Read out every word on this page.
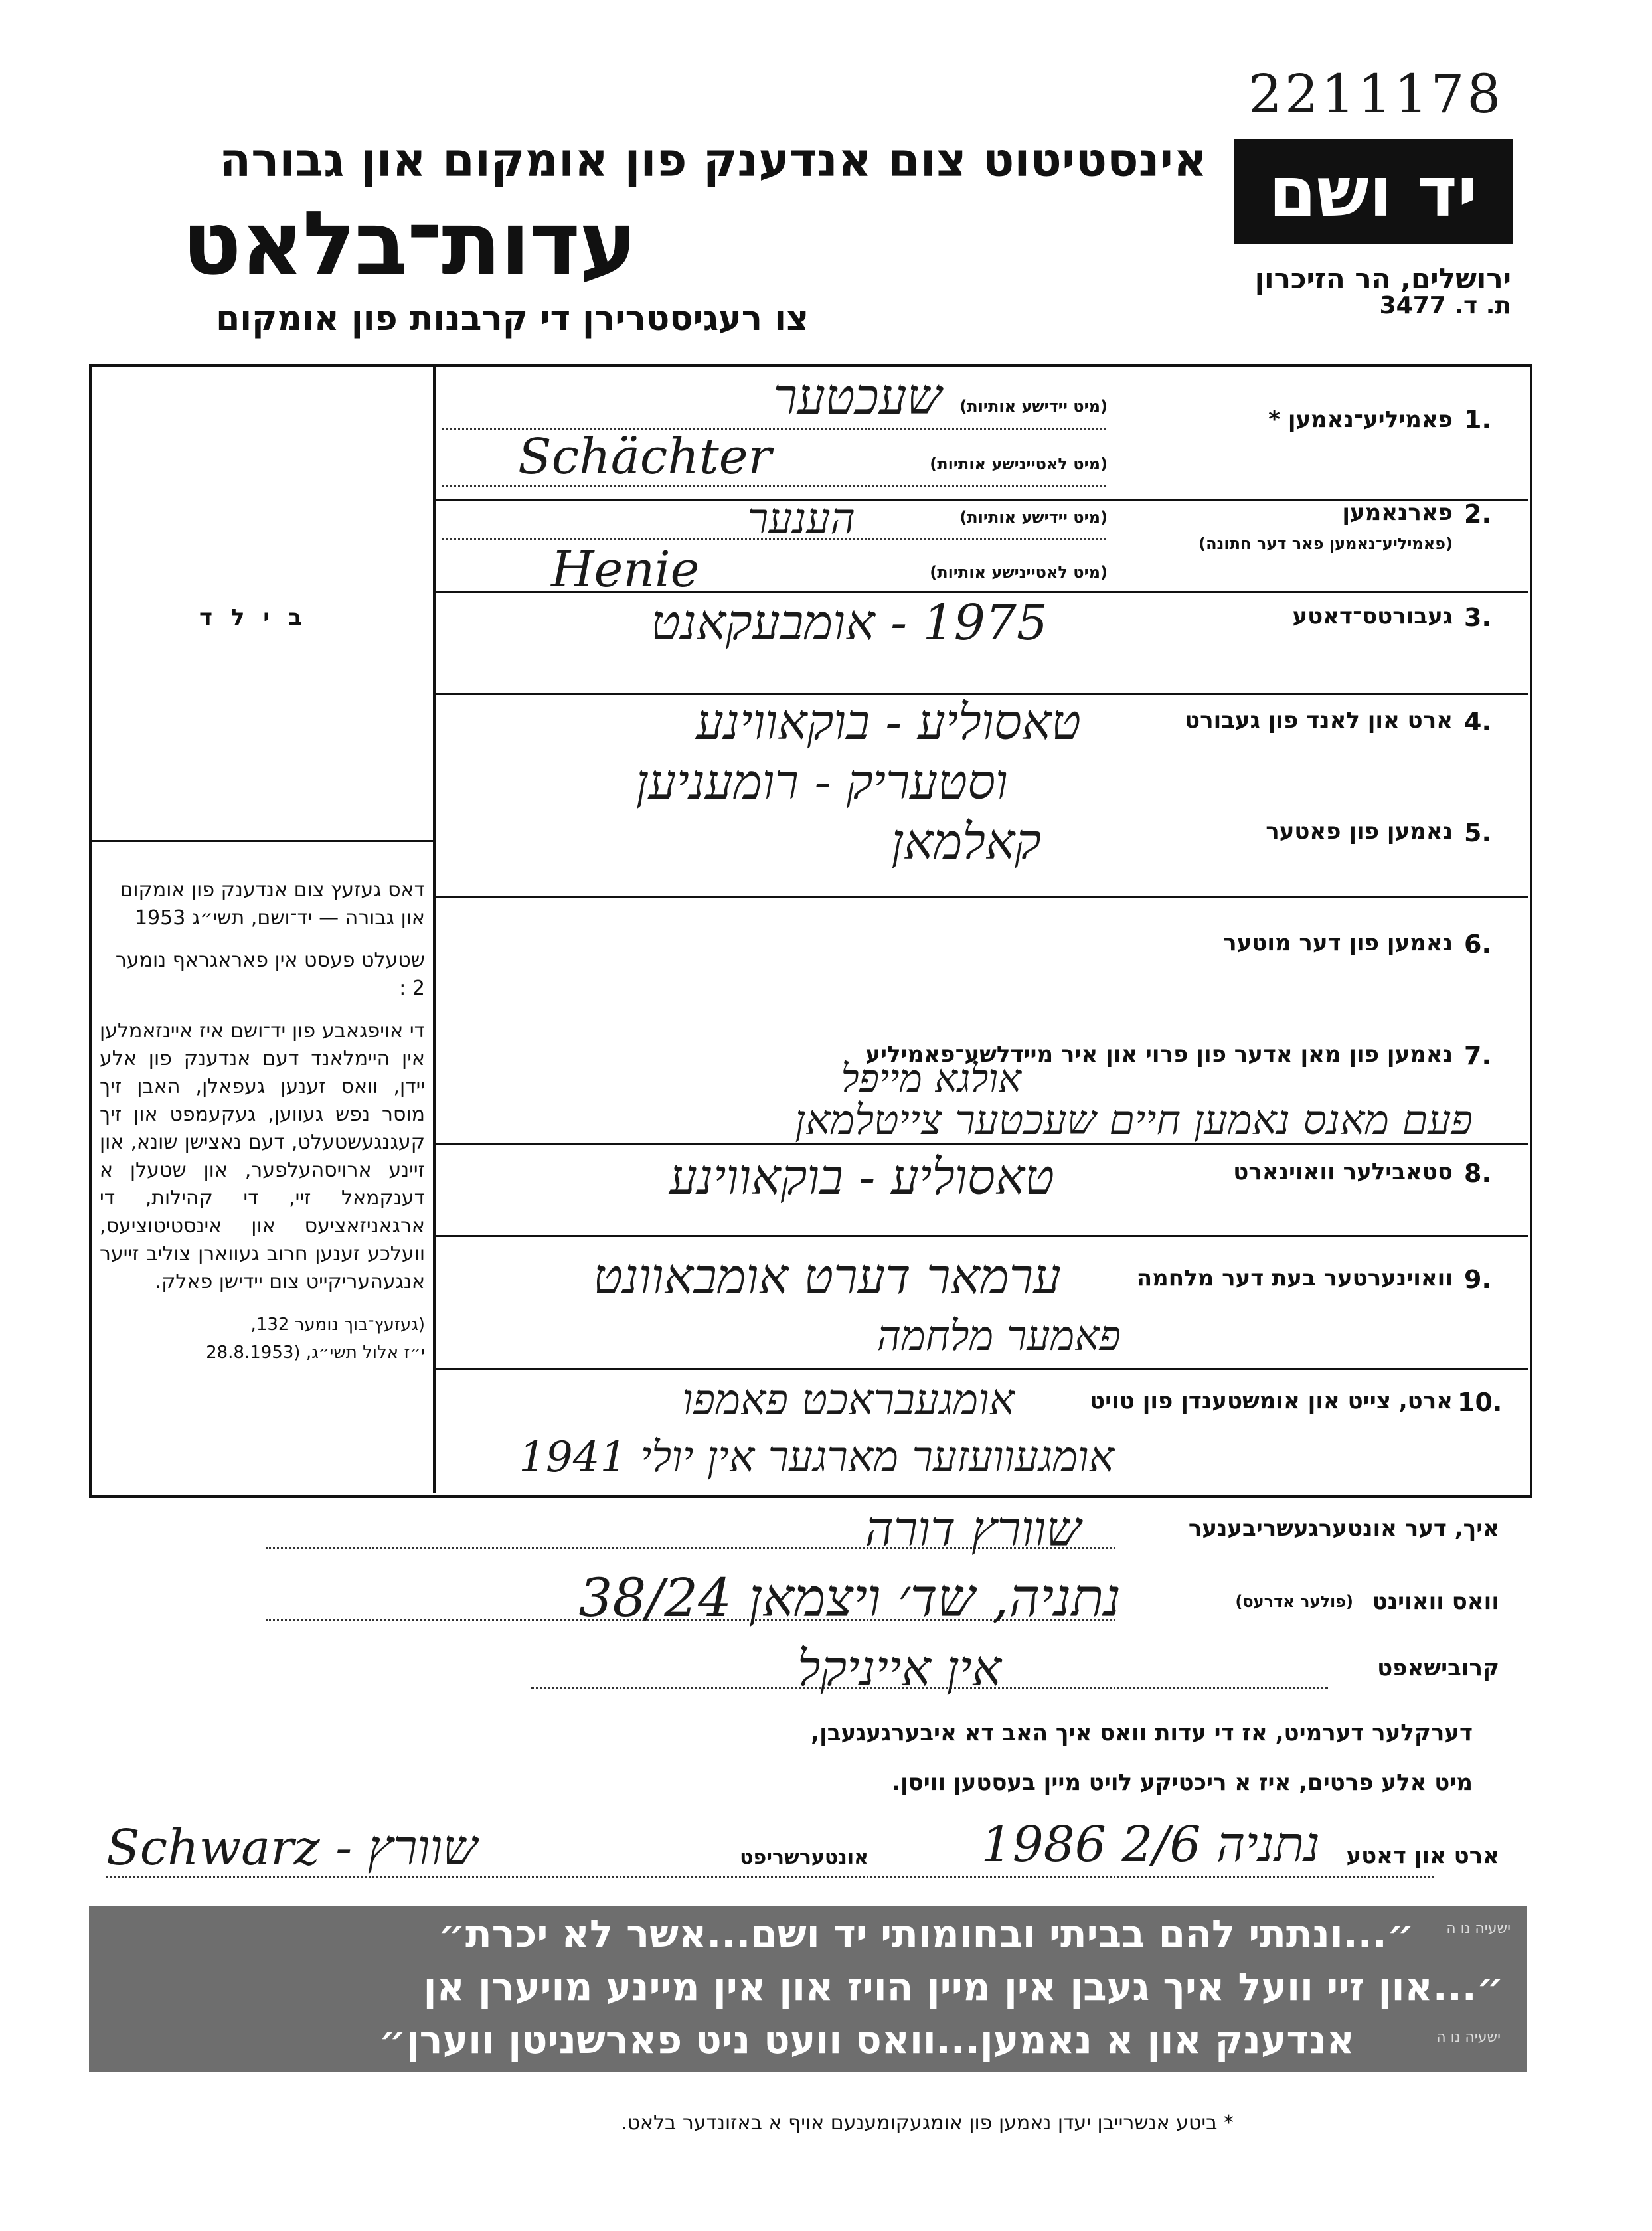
2211178
אינסטיטוט צום אנדענק פון אומקום און גבורה
עדות־בלאט
צו רעגיסטרירן די קרבנות פון אומקום
יד ושם
ירושלים, הר הזיכרון
ת. ד. 3477
ב י ל ד
דאס געזעץ צום אנדענק פון אומקום און גבורה — יד־ושם, תשי״ג 1953
שטעלט פעסט אין פאראגראף נומער 2 :
די אויפגאבע פון יד־ושם איז איינזאמלען אין היימלאנד דעם אנדענק פון אלע יידן, וואס זענען געפאלן, האבן זיך מוסר נפש געווען, געקעמפט און זיך קעגנגעשטעלט, דעם נאצישן שונא, און זיינע ארויסהעלפער, און שטעלן א דענקמאל זיי, די קהילות, די ארגאניזאציעס און אינסטיטוציעס, וועלכע זענען חרוב געווארן צוליב זייער אנגעהעריקייט צום יידישן פאלק.
(געזעץ־בוך נומער 132,
י״ז אלול תשי״ג, (28.8.1953
1.
פאמיליע־נאמען *
(מיט יידישע אותיות)
(מיט לאטיינישע אותיות)
שעכטער
Schächter
2.
פארנאמען
(פאמיליע־נאמען פאר דער חתונה)
(מיט יידישע אותיות)
(מיט לאטיינישע אותיות)
הענער
Henie
3.
געבורטס־דאטע
1975 - אומבעקאנט
4.
ארט און לאנד פון געבורט
טאסוליע - בוקאווינע
וסטעריק - רומעניען
5.
נאמען פון פאטער
קאלמאן
6.
נאמען פון דער מוטער
7.
נאמען פון מאן אדער פון פרוי און איר מיידלשע־פאמיליע
אולגא מייפל
פעם מאנס נאמען חיים שעכטער צייטלמאן
8.
סטאבילער וואוינארט
טאסוליע - בוקאווינע
9.
וואוינערטער בעת דער מלחמה
ערמאר דערט אומבאוונט
פאמער מלחמה
10.
ארט, צייט און אומשטענדן פון טויט
אומגעבראכט פאמפו
אומגעוועזער מארגער אין יולי 1941
איך, דער אונטערגעשריבענער
שוורץ דורה
וואס וואוינט
(פולער אדרעס)
נתניה, שד׳ ויצמאן 38/24
קרובישאפט
אין אייניקל
דערקלער דערמיט, אז די עדות וואס איך האב דא איבערגעגעבן,
מיט אלע פרטים, איז א ריכטיקע לויט מיין בעסטען וויסן.
ארט און דאטע
נתניה 2/6 1986
אונטערשריפט
Schwarz - שוורץ
״...ונתתי להם בביתי ובחומותי יד ושם...אשר לא יכרת״ ישעיה נו ה
״...און זיי וועל איך געבן אין מיין הויז און אין מיינע מויערן אן
אנדענק און א נאמען...וואס וועט ניט פארשניטן ווערן״	ישעיה נו ה
* ביטע אנשרייבן יעדן נאמען פון אומגעקומענעם אויף א באזונדער בלאט.
